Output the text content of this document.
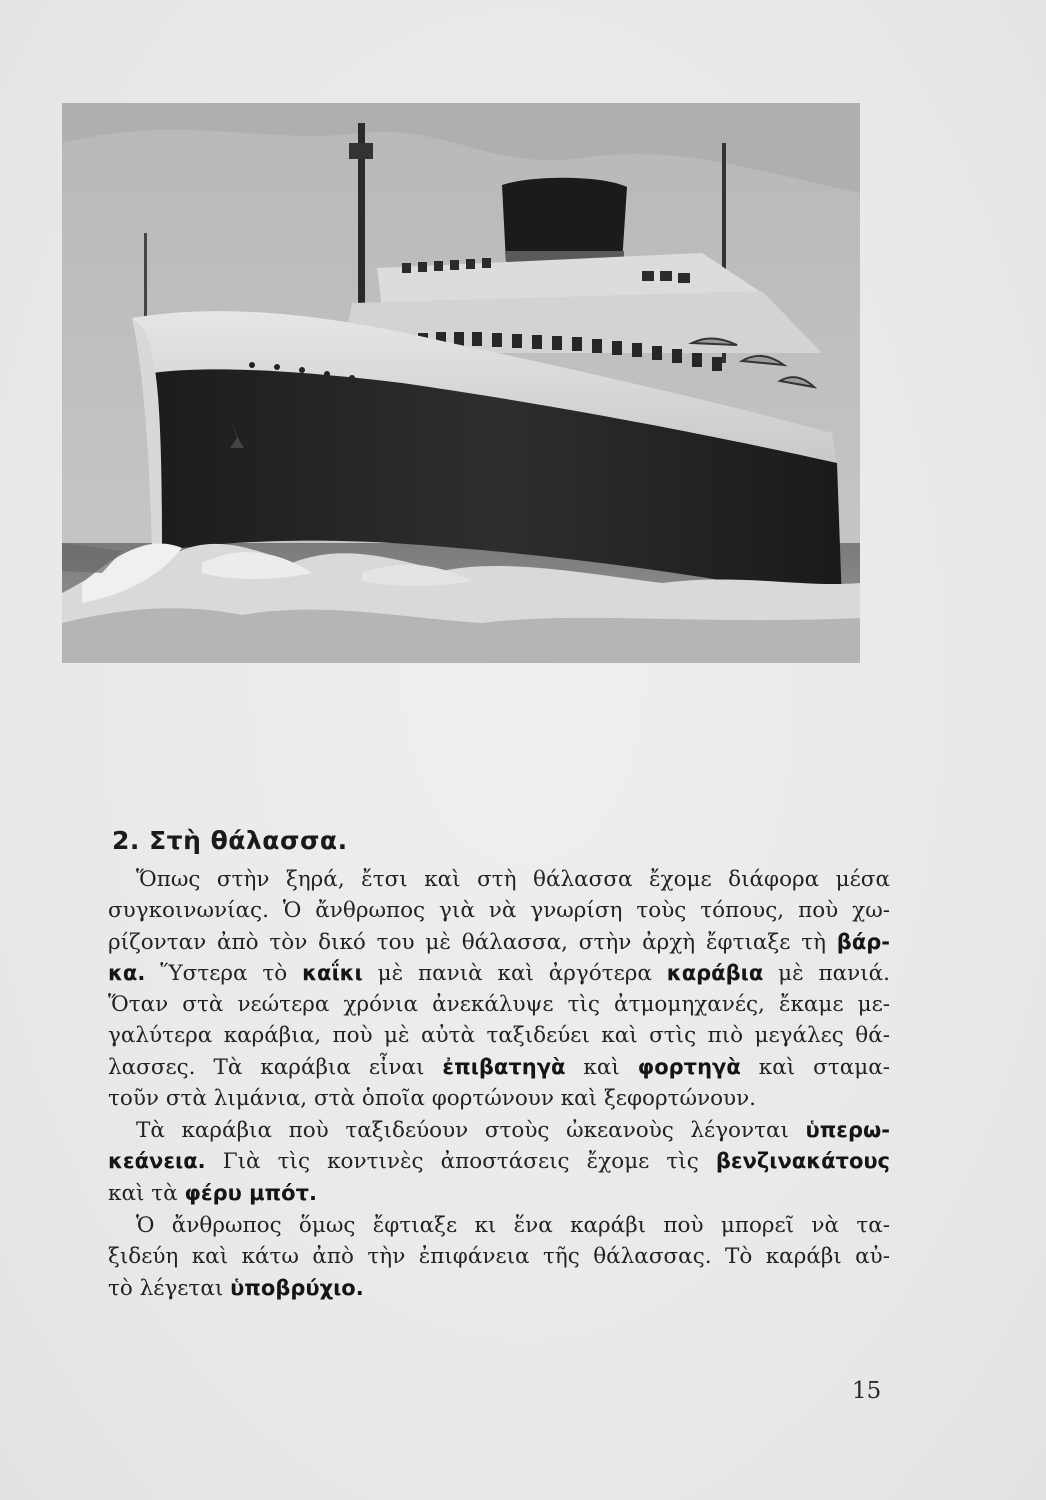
2. Στὴ θάλασσα.
Ὅπως στὴν ξηρά, ἔτσι καὶ στὴ θάλασσα ἔχομε διάφορα μέσα
συγκοινωνίας. Ὁ ἄνθρωπος γιὰ νὰ γνωρίση τοὺς τόπους, ποὺ χω-
ρίζονταν ἀπὸ τὸν δικό του μὲ θάλασσα, στὴν ἀρχὴ ἔφτιαξε τὴ βάρ-
κα. Ὕστερα τὸ καΐκι μὲ πανιὰ καὶ ἀργότερα καράβια μὲ πανιά.
Ὅταν στὰ νεώτερα χρόνια ἀνεκάλυψε τὶς ἀτμομηχανές, ἔκαμε με-
γαλύτερα καράβια, ποὺ μὲ αὐτὰ ταξιδεύει καὶ στὶς πιὸ μεγάλες θά-
λασσες. Τὰ καράβια εἶναι ἐπιβατηγὰ καὶ φορτηγὰ καὶ σταμα-
τοῦν στὰ λιμάνια, στὰ ὁποῖα φορτώνουν καὶ ξεφορτώνουν.
Τὰ καράβια ποὺ ταξιδεύουν στοὺς ὠκεανοὺς λέγονται ὑπερω-
κεάνεια. Γιὰ τὶς κοντινὲς ἀποστάσεις ἔχομε τὶς βενζινακάτους
καὶ τὰ φέρυ μπότ.
Ὁ ἄνθρωπος ὅμως ἔφτιαξε κι ἕνα καράβι ποὺ μπορεῖ νὰ τα-
ξιδεύη καὶ κάτω ἀπὸ τὴν ἐπιφάνεια τῆς θάλασσας. Τὸ καράβι αὐ-
τὸ λέγεται ὑποβρύχιο.
15
